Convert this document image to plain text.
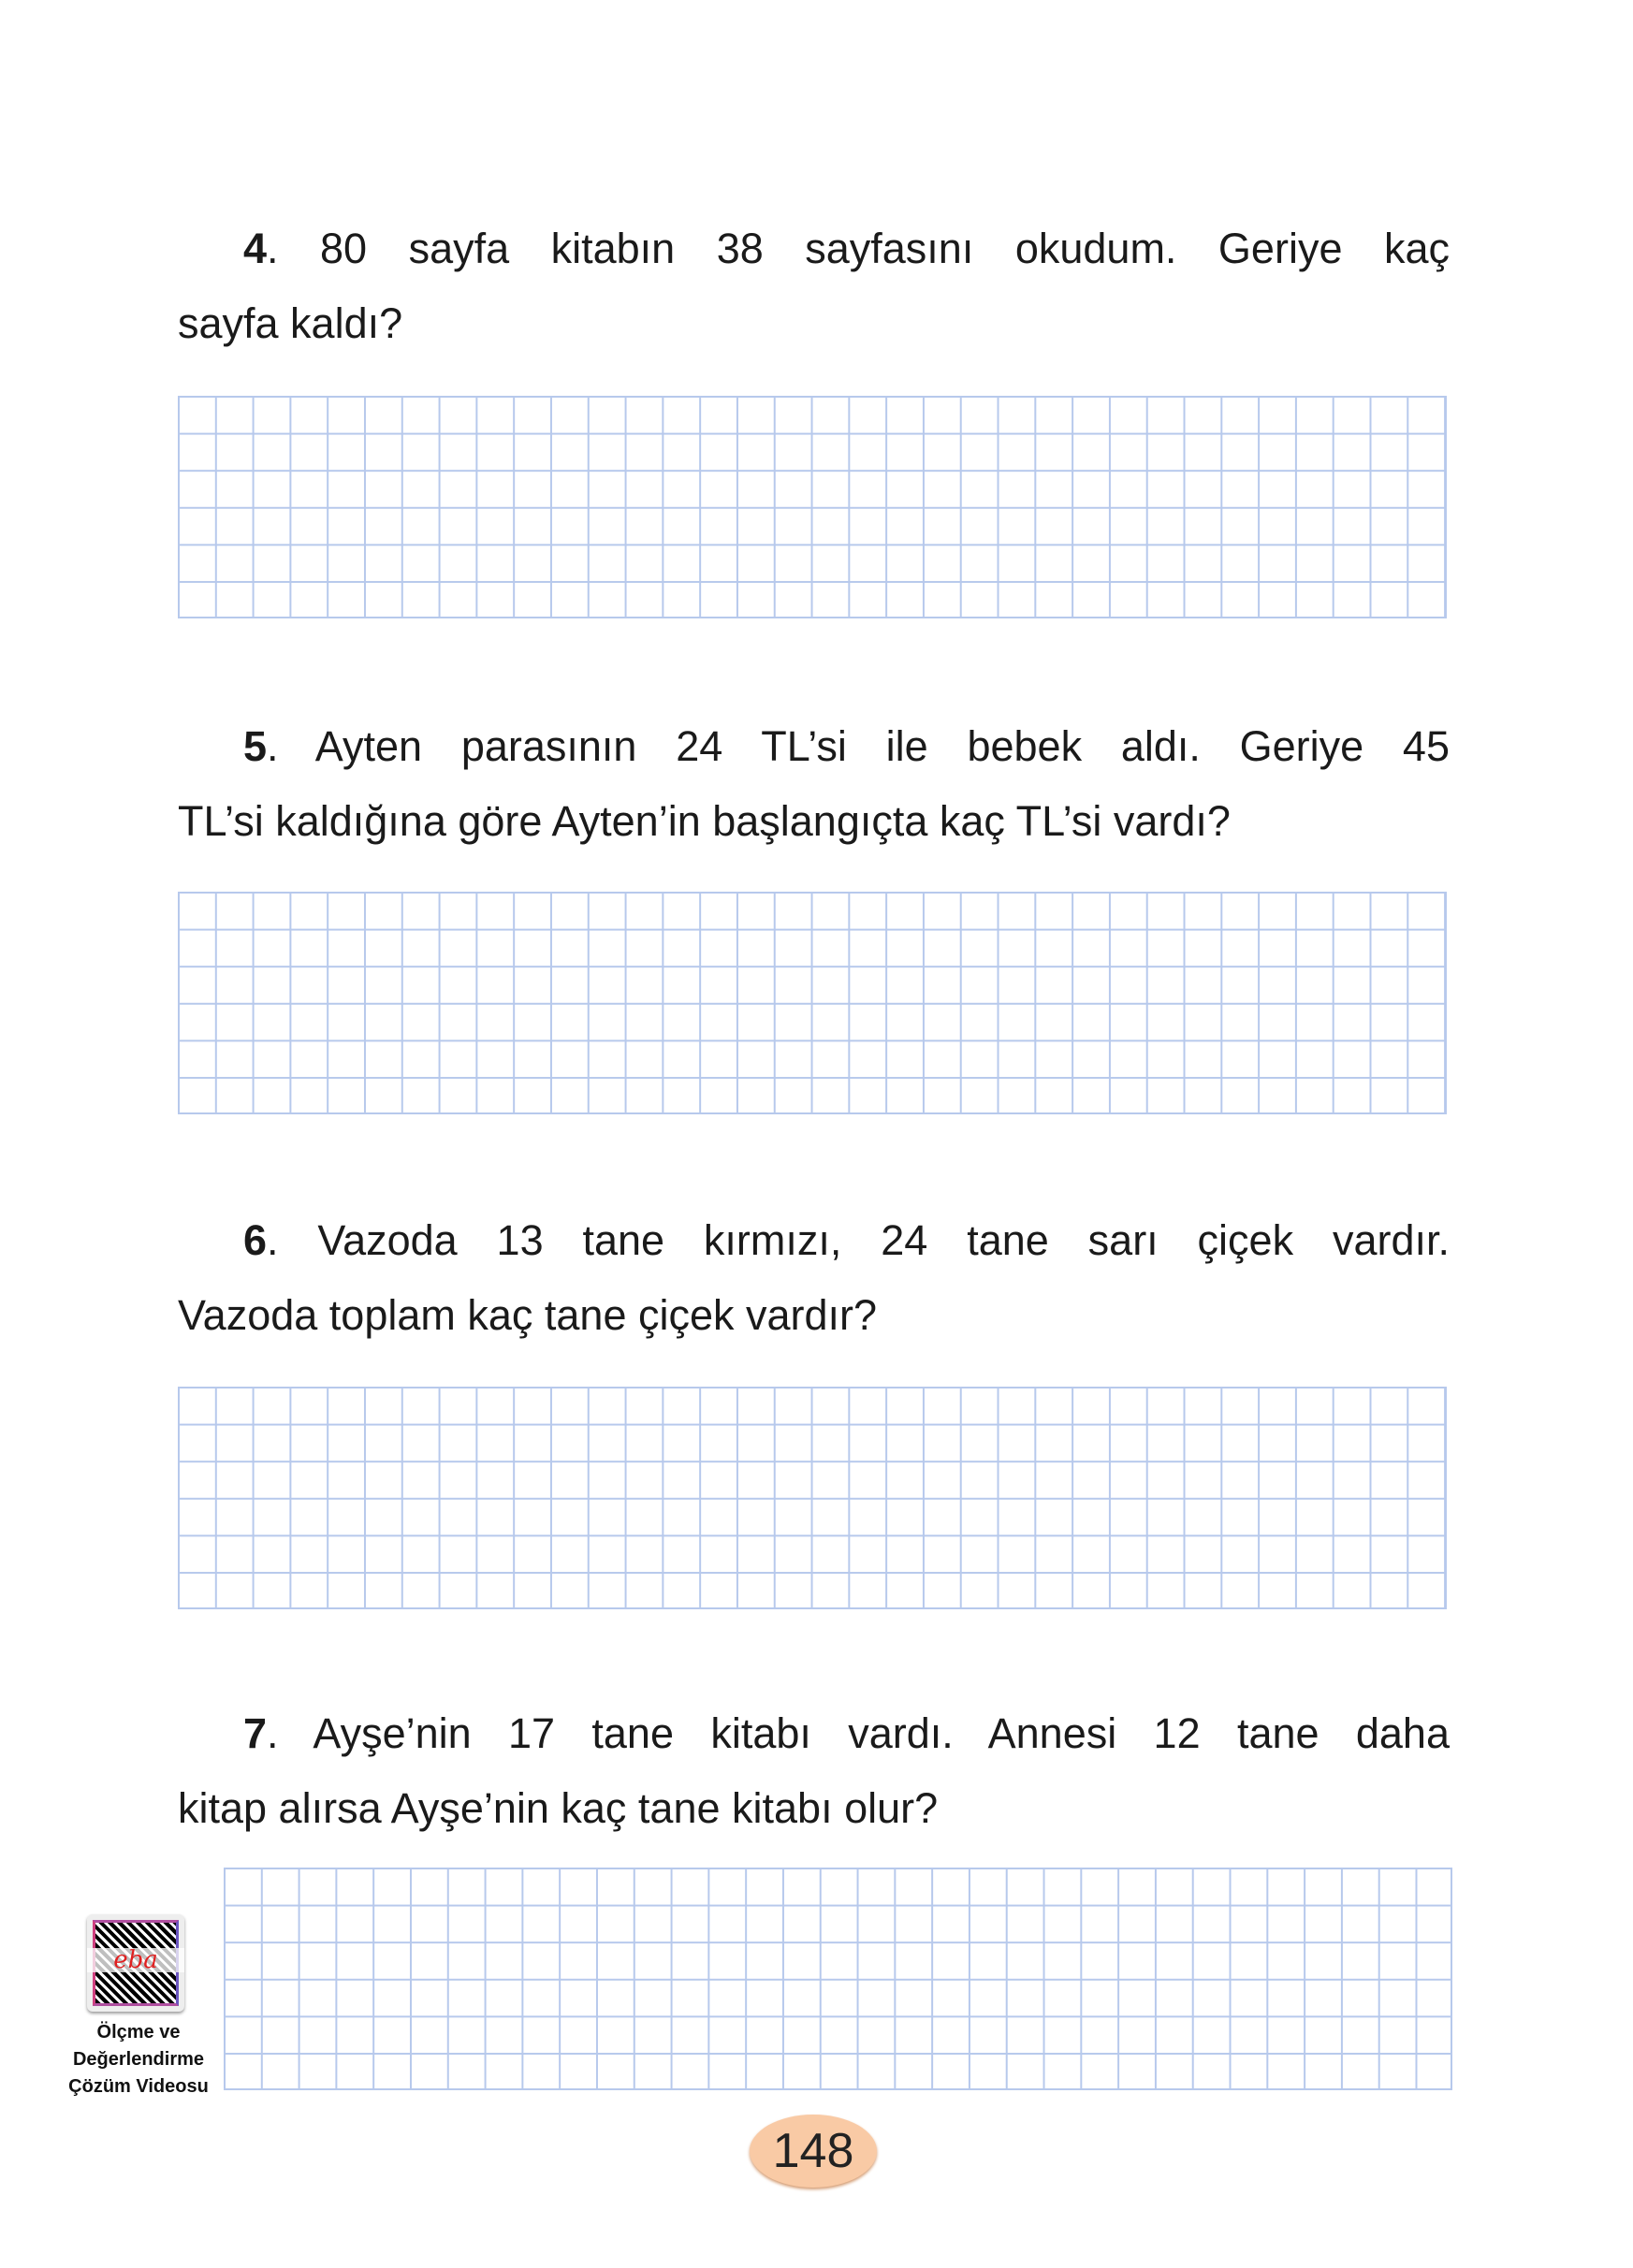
4. 80 sayfa kitabın 38 sayfasını okudum. Geriye kaç
sayfa kaldı?
5. Ayten parasının 24 TL’si ile bebek aldı. Geriye 45
TL’si kaldığına göre Ayten’in başlangıçta kaç TL’si vardı?
6. Vazoda 13 tane kırmızı, 24 tane sarı çiçek vardır.
Vazoda toplam kaç tane çiçek vardır?
7. Ayşe’nin 17 tane kitabı vardı. Annesi 12 tane daha
kitap alırsa Ayşe’nin kaç tane kitabı olur?
eba
Ölçme ve
Değerlendirme
Çözüm Videosu
148
